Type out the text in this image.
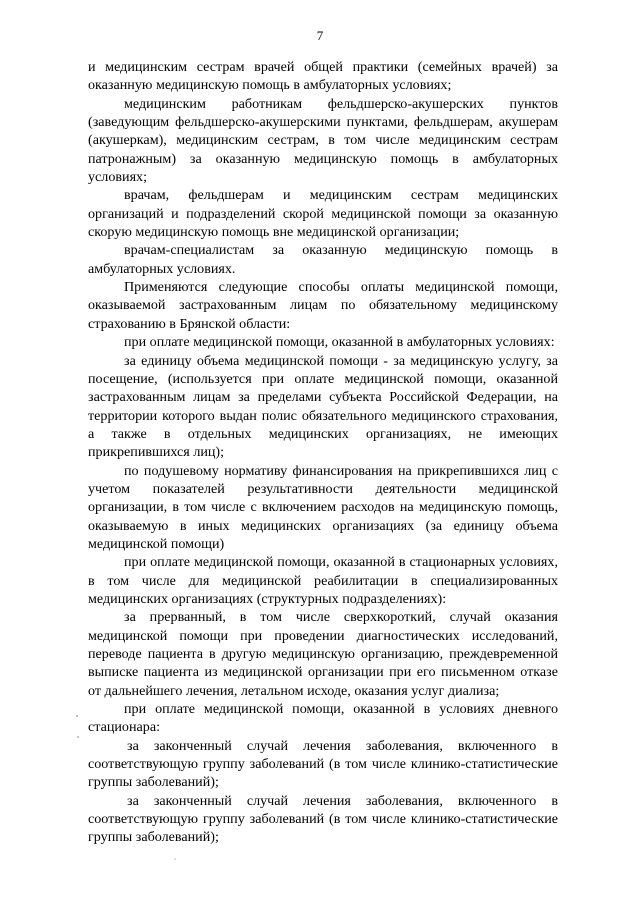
7

и медицинским сестрам врачей общей практики (семейных врачей) за оказанную медицинскую помощь в амбулаторных условиях;

медицинским работникам фельдшерско-акушерских пунктов (заведующим фельдшерско-акушерскими пунктами, фельдшерам, акушерам (акушеркам), медицинским сестрам, в том числе медицинским сестрам патронажным) за оказанную медицинскую помощь в амбулаторных условиях;

врачам, фельдшерам и медицинским сестрам медицинских организаций и подразделений скорой медицинской помощи за оказанную скорую медицинскую помощь вне медицинской организации;

врачам-специалистам за оказанную медицинскую помощь в амбулаторных условиях.

Применяются следующие способы оплаты медицинской помощи, оказываемой застрахованным лицам по обязательному медицинскому страхованию в Брянской области:

при оплате медицинской помощи, оказанной в амбулаторных условиях:

за единицу объема медицинской помощи - за медицинскую услугу, за посещение, (используется при оплате медицинской помощи, оказанной застрахованным лицам за пределами субъекта Российской Федерации, на территории которого выдан полис обязательного медицинского страхования, а также в отдельных медицинских организациях, не имеющих прикрепившихся лиц);

по подушевому нормативу финансирования на прикрепившихся лиц с учетом показателей результативности деятельности медицинской организации, в том числе с включением расходов на медицинскую помощь, оказываемую в иных медицинских организациях (за единицу объема медицинской помощи)

при оплате медицинской помощи, оказанной в стационарных условиях, в том числе для медицинской реабилитации в специализированных медицинских организациях (структурных подразделениях):

за прерванный, в том числе сверхкороткий, случай оказания медицинской помощи при проведении диагностических исследований, переводе пациента в другую медицинскую организацию, преждевременной выписке пациента из медицинской организации при его письменном отказе от дальнейшего лечения, летальном исходе, оказания услуг диализа;

при оплате медицинской помощи, оказанной в условиях дневного стационара:

за законченный случай лечения заболевания, включенного в соответствующую группу заболеваний (в том числе клинико-статистические группы заболеваний);

за законченный случай лечения заболевания, включенного в соответствующую группу заболеваний (в том числе клинико-статистические группы заболеваний);
